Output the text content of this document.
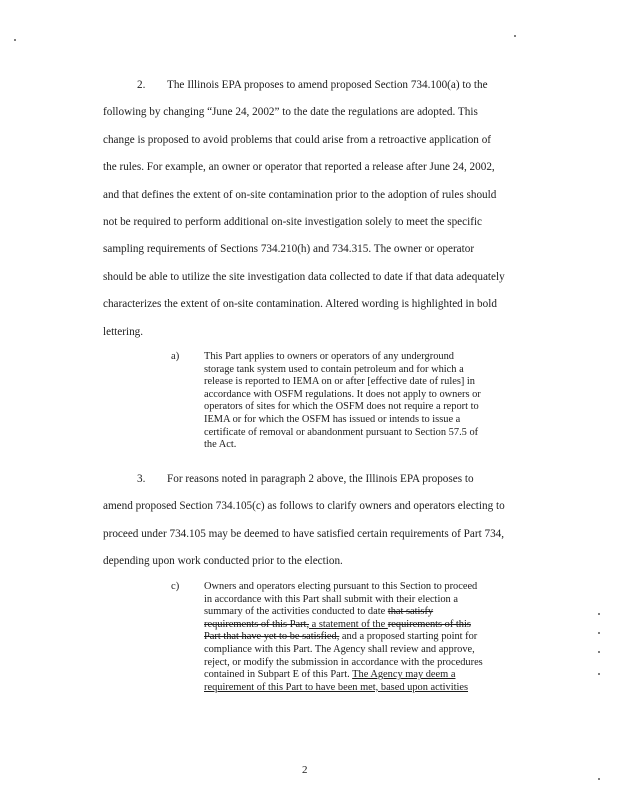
2. The Illinois EPA proposes to amend proposed Section 734.100(a) to the
following by changing “June 24, 2002” to the date the regulations are adopted. This
change is proposed to avoid problems that could arise from a retroactive application of
the rules. For example, an owner or operator that reported a release after June 24, 2002,
and that defines the extent of on-site contamination prior to the adoption of rules should
not be required to perform additional on-site investigation solely to meet the specific
sampling requirements of Sections 734.210(h) and 734.315. The owner or operator
should be able to utilize the site investigation data collected to date if that data adequately
characterizes the extent of on-site contamination. Altered wording is highlighted in bold
lettering.

a) This Part applies to owners or operators of any underground
storage tank system used to contain petroleum and for which a
release is reported to IEMA on or after [effective date of rules] in
accordance with OSFM regulations. It does not apply to owners or
operators of sites for which the OSFM does not require a report to
IEMA or for which the OSFM has issued or intends to issue a
certificate of removal or abandonment pursuant to Section 57.5 of
the Act.

3. For reasons noted in paragraph 2 above, the Illinois EPA proposes to
amend proposed Section 734.105(c) as follows to clarify owners and operators electing to
proceed under 734.105 may be deemed to have satisfied certain requirements of Part 734,
depending upon work conducted prior to the election.

c) Owners and operators electing pursuant to this Section to proceed
in accordance with this Part shall submit with their election a
summary of the activities conducted to date that satisfy
requirements of this Part, a statement of the requirements of this
Part that have yet to be satisfied, and a proposed starting point for
compliance with this Part. The Agency shall review and approve,
reject, or modify the submission in accordance with the procedures
contained in Subpart E of this Part. The Agency may deem a
requirement of this Part to have been met, based upon activities

2
